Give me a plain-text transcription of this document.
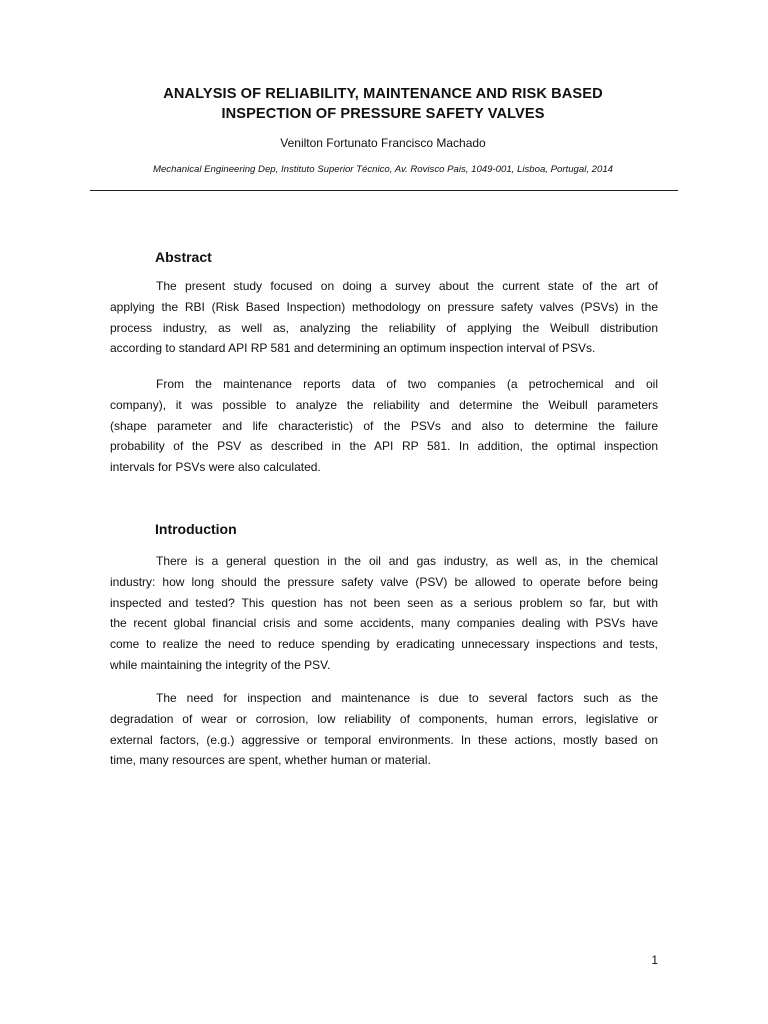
ANALYSIS OF RELIABILITY, MAINTENANCE AND RISK BASED
INSPECTION OF PRESSURE SAFETY VALVES
Venilton Fortunato Francisco Machado
Mechanical Engineering Dep, Instituto Superior Técnico, Av. Rovisco Pais, 1049-001, Lisboa, Portugal, 2014
Abstract
The present study focused on doing a survey about the current state of the art of
applying the RBI (Risk Based Inspection) methodology on pressure safety valves (PSVs) in the
process industry, as well as, analyzing the reliability of applying the Weibull distribution
according to standard API RP 581 and determining an optimum inspection interval of PSVs.
From the maintenance reports data of two companies (a petrochemical and oil
company), it was possible to analyze the reliability and determine the Weibull parameters
(shape parameter and life characteristic) of the PSVs and also to determine the failure
probability of the PSV as described in the API RP 581. In addition, the optimal inspection
intervals for PSVs were also calculated.
Introduction
There is a general question in the oil and gas industry, as well as, in the chemical
industry: how long should the pressure safety valve (PSV) be allowed to operate before being
inspected and tested? This question has not been seen as a serious problem so far, but with
the recent global financial crisis and some accidents, many companies dealing with PSVs have
come to realize the need to reduce spending by eradicating unnecessary inspections and tests,
while maintaining the integrity of the PSV.
The need for inspection and maintenance is due to several factors such as the
degradation of wear or corrosion, low reliability of components, human errors, legislative or
external factors, (e.g.) aggressive or temporal environments. In these actions, mostly based on
time, many resources are spent, whether human or material.
1
